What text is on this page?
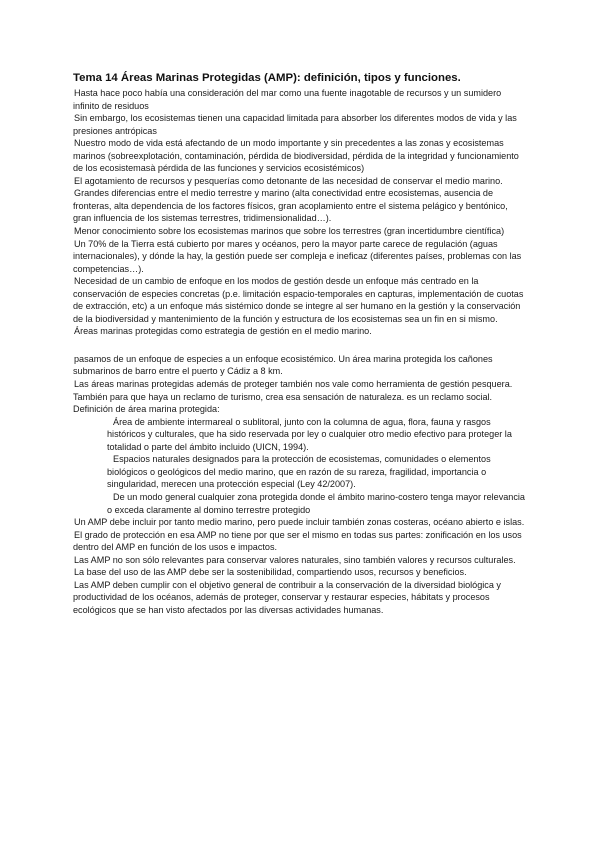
Tema 14 Áreas Marinas Protegidas (AMP): definición, tipos y funciones.

Hasta hace poco había una consideración del mar como una fuente inagotable de recursos y un sumidero infinito de residuos

Sin embargo, los ecosistemas tienen una capacidad limitada para absorber los diferentes modos de vida y las presiones antrópicas

Nuestro modo de vida está afectando de un modo importante y sin precedentes a las zonas y ecosistemas marinos (sobreexplotación, contaminación, pérdida de biodiversidad, pérdida de la integridad y funcionamiento de los ecosistemasà pérdida de las funciones y servicios ecosistémicos)

El agotamiento de recursos y pesquerías como detonante de las necesidad de conservar el medio marino.

Grandes diferencias entre el medio terrestre y marino (alta conectividad entre ecosistemas, ausencia de fronteras, alta dependencia de los factores físicos, gran acoplamiento entre el sistema pelágico y bentónico, gran influencia de los sistemas terrestres, tridimensionalidad…).

Menor conocimiento sobre los ecosistemas marinos que sobre los terrestres (gran incertidumbre científica)

Un 70% de la Tierra está cubierto por mares y océanos, pero la mayor parte carece de regulación (aguas internacionales), y dónde la hay, la gestión puede ser compleja e ineficaz (diferentes países, problemas con las competencias…).

Necesidad de un cambio de enfoque en los modos de gestión desde un enfoque más centrado en la conservación de especies concretas (p.e. limitación espacio-temporales en capturas, implementación de cuotas de extracción, etc) a un enfoque más sistémico donde se integre al ser humano en la gestión y la conservación de la biodiversidad y mantenimiento de la función y estructura de los ecosistemas sea un fin en si mismo.

Áreas marinas protegidas como estrategia de gestión en el medio marino.

pasamos de un enfoque de especies a un enfoque ecosistémico. Un área marina protegida los cañones submarinos de barro entre el puerto y Cádiz a 8 km.

Las áreas marinas protegidas además de proteger también nos vale como herramienta de gestión pesquera. También para que haya un reclamo de turismo, crea esa sensación de naturaleza. es un reclamo social.

Definición de área marina protegida:

Área de ambiente intermareal o sublitoral, junto con la columna de agua, flora, fauna y rasgos históricos y culturales, que ha sido reservada por ley o cualquier otro medio efectivo para proteger la totalidad o parte del ámbito incluido (UICN, 1994).

Espacios naturales designados para la protección de ecosistemas, comunidades o elementos biológicos o geológicos del medio marino, que en razón de su rareza, fragilidad, importancia o singularidad, merecen una protección especial (Ley 42/2007).

De un modo general cualquier zona protegida donde el ámbito marino-costero tenga mayor relevancia o exceda claramente al domino terrestre protegido

Un AMP debe incluir por tanto medio marino, pero puede incluir también zonas costeras, océano abierto e islas.

El grado de protección en esa AMP no tiene por que ser el mismo en todas sus partes: zonificación en los usos dentro del AMP en función de los usos e impactos.

Las AMP no son sólo relevantes para conservar valores naturales, sino también valores y recursos culturales.

La base del uso de las AMP debe ser la sostenibilidad, compartiendo usos, recursos y beneficios.

Las AMP deben cumplir con el objetivo general de contribuir a la conservación de la diversidad biológica y productividad de los océanos, además de proteger, conservar y restaurar especies, hábitats y procesos ecológicos que se han visto afectados por las diversas actividades humanas.
